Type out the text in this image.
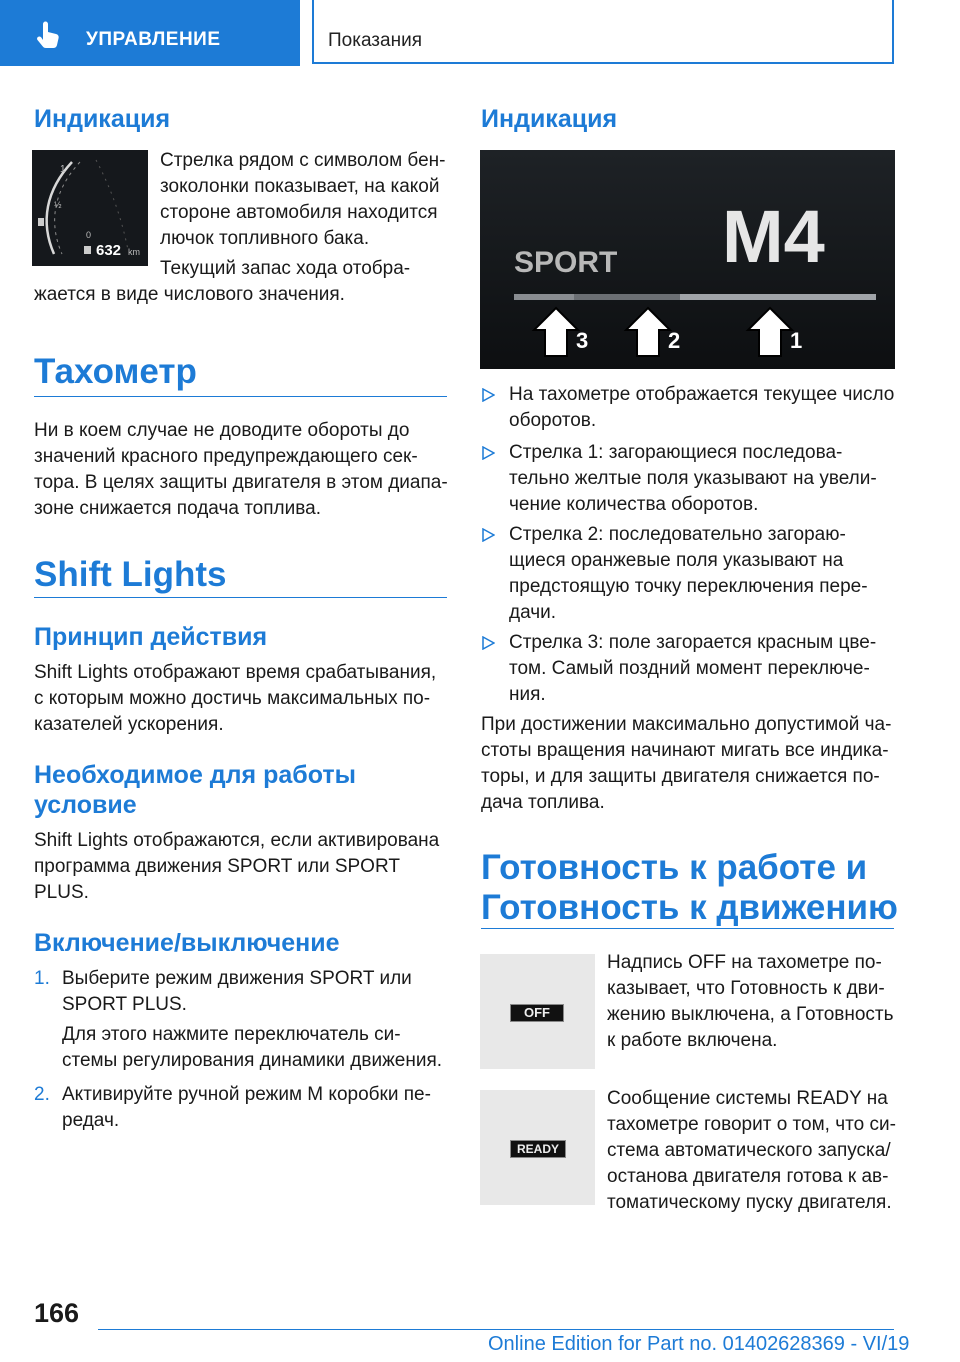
УПРАВЛЕНИЕ	Показания
Индикация
1
½
0
632 km
Стрелка рядом с символом бен-
зоколонки показывает, на какой
стороне автомобиля находится
лючок топливного бака.
Текущий запас хода отобра-
жается в виде числового значения.
Тахометр
Ни в коем случае не доводите обороты до
значений красного предупреждающего сек-
тора. В целях защиты двигателя в этом диапа-
зоне снижается подача топлива.
Shift Lights
Принцип действия
Shift Lights отображают время срабатывания,
с которым можно достичь максимальных по-
казателей ускорения.
Необходимое для работы
условие
Shift Lights отображаются, если активирована
программа движения SPORT или SPORT
PLUS.
Включение/выключение
1. Выберите режим движения SPORT или
SPORT PLUS.
Для этого нажмите переключатель си-
стемы регулирования динамики движения.
2. Активируйте ручной режим М коробки пе-
редач.
Индикация
M4
SPORT
3	2	1
На тахометре отображается текущее число
оборотов.
Стрелка 1: загорающиеся последова-
тельно желтые поля указывают на увели-
чение количества оборотов.
Стрелка 2: последовательно загораю-
щиеся оранжевые поля указывают на
предстоящую точку переключения пере-
дачи.
Стрелка 3: поле загорается красным цве-
том. Самый поздний момент переключе-
ния.
При достижении максимально допустимой ча-
стоты вращения начинают мигать все индика-
торы, и для защиты двигателя снижается по-
дача топлива.
Готовность к работе и
Готовность к движению
OFF
Надпись OFF на тахометре по-
казывает, что Готовность к дви-
жению выключена, а Готовность
к работе включена.
READY
Сообщение системы READY на
тахометре говорит о том, что си-
стема автоматического запуска/
останова двигателя готова к ав-
томатическому пуску двигателя.
166
Online Edition for Part no. 01402628369 - VI/19
